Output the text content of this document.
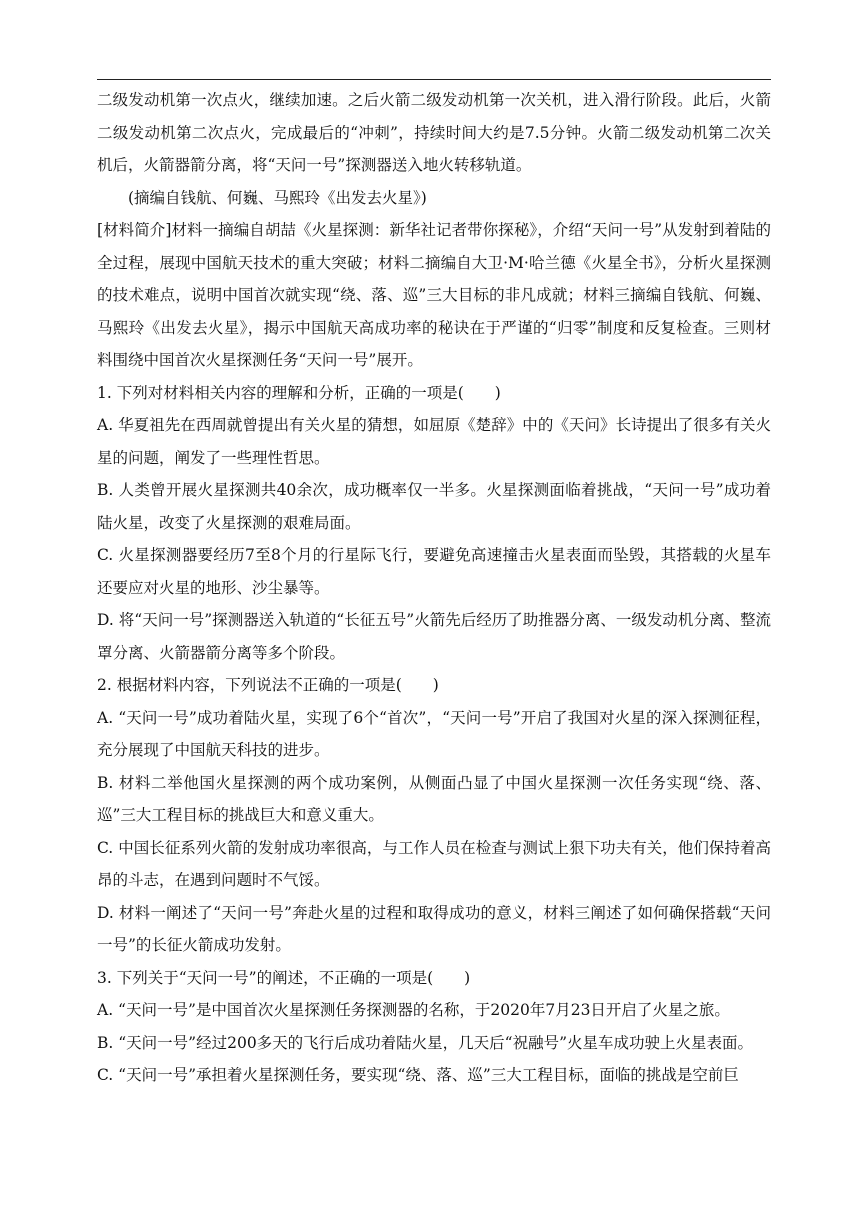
二级发动机第一次点火，继续加速。之后火箭二级发动机第一次关机，进入滑行阶段。此后，火箭二级发动机第二次点火，完成最后的“冲刺”，持续时间大约是7.5分钟。火箭二级发动机第二次关机后，火箭器箭分离，将“天问一号”探测器送入地火转移轨道。

(摘编自钱航、何巍、马熙玲《出发去火星》)

[材料简介]材料一摘编自胡喆《火星探测：新华社记者带你探秘》，介绍“天问一号”从发射到着陆的全过程，展现中国航天技术的重大突破；材料二摘编自大卫·M·哈兰德《火星全书》，分析火星探测的技术难点，说明中国首次就实现“绕、落、巡”三大目标的非凡成就；材料三摘编自钱航、何巍、马熙玲《出发去火星》，揭示中国航天高成功率的秘诀在于严谨的“归零”制度和反复检查。三则材料围绕中国首次火星探测任务“天问一号”展开。

1. 下列对材料相关内容的理解和分析，正确的一项是(　　)

A. 华夏祖先在西周就曾提出有关火星的猜想，如屈原《楚辞》中的《天问》长诗提出了很多有关火星的问题，阐发了一些理性哲思。

B. 人类曾开展火星探测共40余次，成功概率仅一半多。火星探测面临着挑战，“天问一号”成功着陆火星，改变了火星探测的艰难局面。

C. 火星探测器要经历7至8个月的行星际飞行，要避免高速撞击火星表面而坠毁，其搭载的火星车还要应对火星的地形、沙尘暴等。

D. 将“天问一号”探测器送入轨道的“长征五号”火箭先后经历了助推器分离、一级发动机分离、整流罩分离、火箭器箭分离等多个阶段。

2. 根据材料内容，下列说法不正确的一项是(　　)

A. “天问一号”成功着陆火星，实现了6个“首次”，“天问一号”开启了我国对火星的深入探测征程，充分展现了中国航天科技的进步。

B. 材料二举他国火星探测的两个成功案例，从侧面凸显了中国火星探测一次任务实现“绕、落、巡”三大工程目标的挑战巨大和意义重大。

C. 中国长征系列火箭的发射成功率很高，与工作人员在检查与测试上狠下功夫有关，他们保持着高昂的斗志，在遇到问题时不气馁。

D. 材料一阐述了“天问一号”奔赴火星的过程和取得成功的意义，材料三阐述了如何确保搭载“天问一号”的长征火箭成功发射。

3. 下列关于“天问一号”的阐述，不正确的一项是(　　)

A. “天问一号”是中国首次火星探测任务探测器的名称，于2020年7月23日开启了火星之旅。

B. “天问一号”经过200多天的飞行后成功着陆火星，几天后“祝融号”火星车成功驶上火星表面。

C. “天问一号”承担着火星探测任务，要实现“绕、落、巡”三大工程目标，面临的挑战是空前巨
